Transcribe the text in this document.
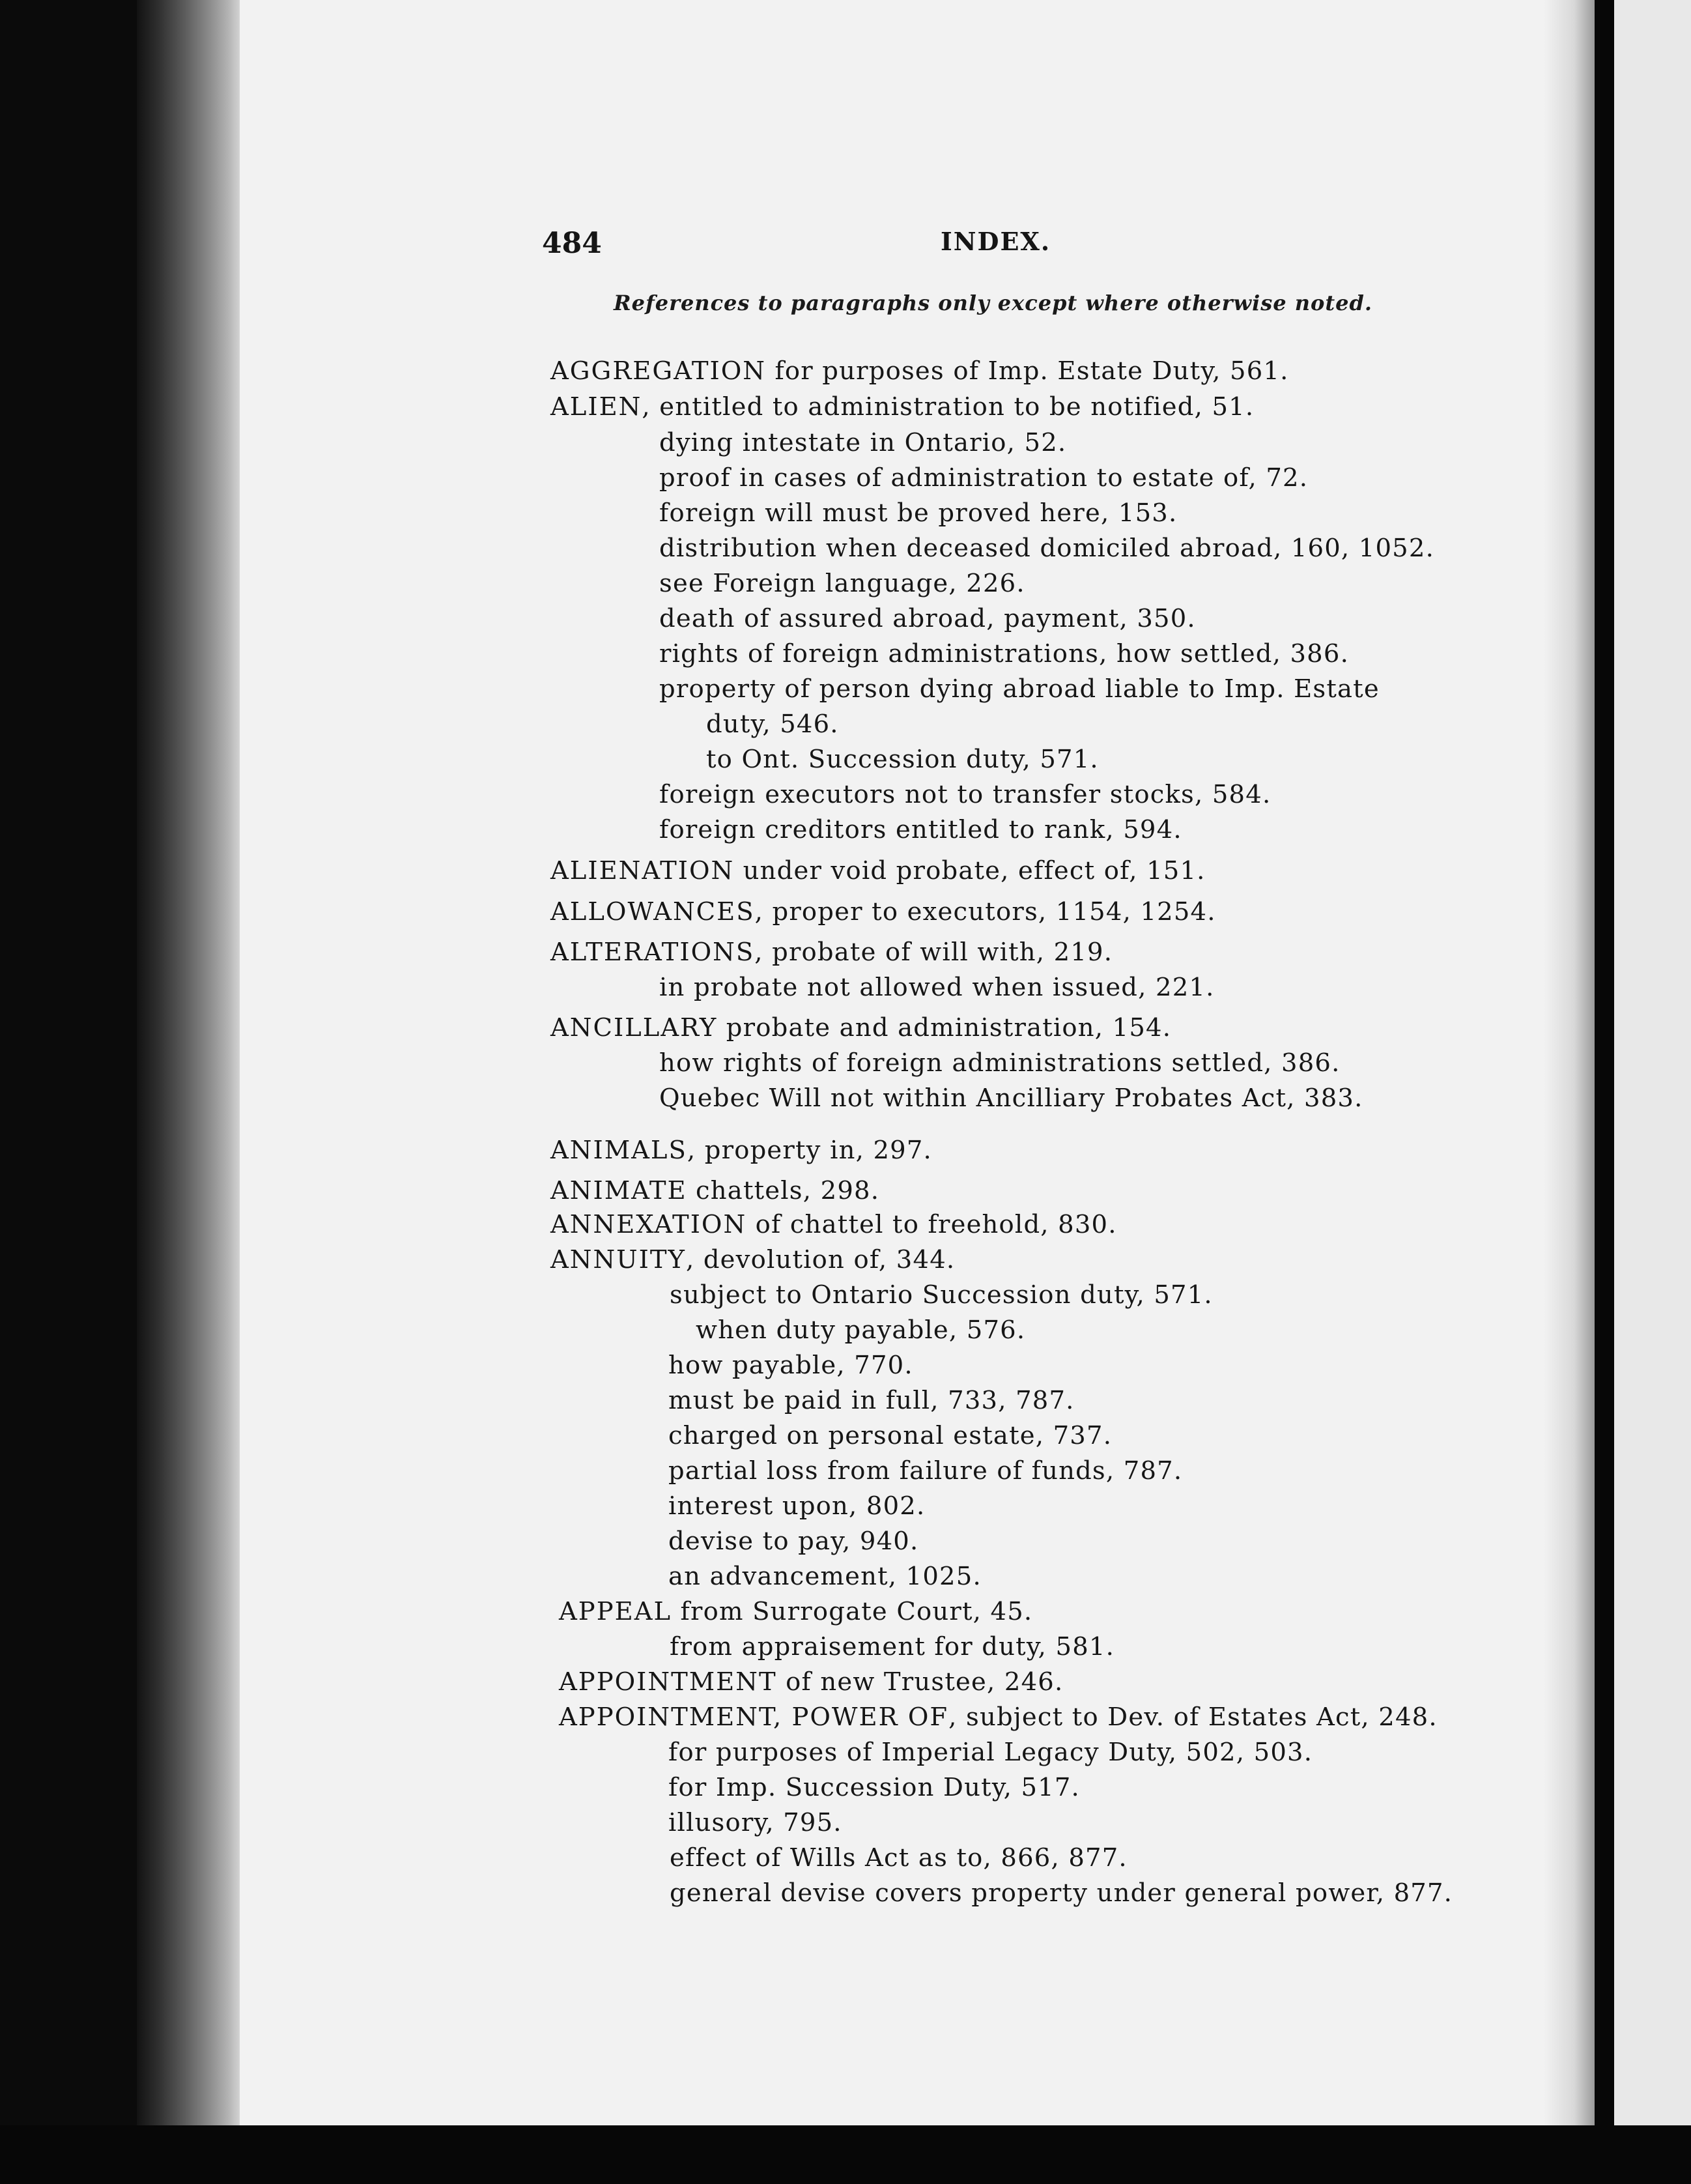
484	INDEX.
References to paragraphs only except where otherwise noted.
AGGREGATION for purposes of Imp. Estate Duty, 561.
ALIEN, entitled to administration to be notified, 51.
dying intestate in Ontario, 52.
proof in cases of administration to estate of, 72.
foreign will must be proved here, 153.
distribution when deceased domiciled abroad, 160, 1052.
see Foreign language, 226.
death of assured abroad, payment, 350.
rights of foreign administrations, how settled, 386.
property of person dying abroad liable to Imp. Estate
duty, 546.
to Ont. Succession duty, 571.
foreign executors not to transfer stocks, 584.
foreign creditors entitled to rank, 594.
ALIENATION under void probate, effect of, 151.
ALLOWANCES, proper to executors, 1154, 1254.
ALTERATIONS, probate of will with, 219.
in probate not allowed when issued, 221.
ANCILLARY probate and administration, 154.
how rights of foreign administrations settled, 386.
Quebec Will not within Ancilliary Probates Act, 383.
ANIMALS, property in, 297.
ANIMATE chattels, 298.
ANNEXATION of chattel to freehold, 830.
ANNUITY, devolution of, 344.
subject to Ontario Succession duty, 571.
when duty payable, 576.
how payable, 770.
must be paid in full, 733, 787.
charged on personal estate, 737.
partial loss from failure of funds, 787.
interest upon, 802.
devise to pay, 940.
an advancement, 1025.
APPEAL from Surrogate Court, 45.
from appraisement for duty, 581.
APPOINTMENT of new Trustee, 246.
APPOINTMENT, POWER OF, subject to Dev. of Estates Act, 248.
for purposes of Imperial Legacy Duty, 502, 503.
for Imp. Succession Duty, 517.
illusory, 795.
effect of Wills Act as to, 866, 877.
general devise covers property under general power, 877.
